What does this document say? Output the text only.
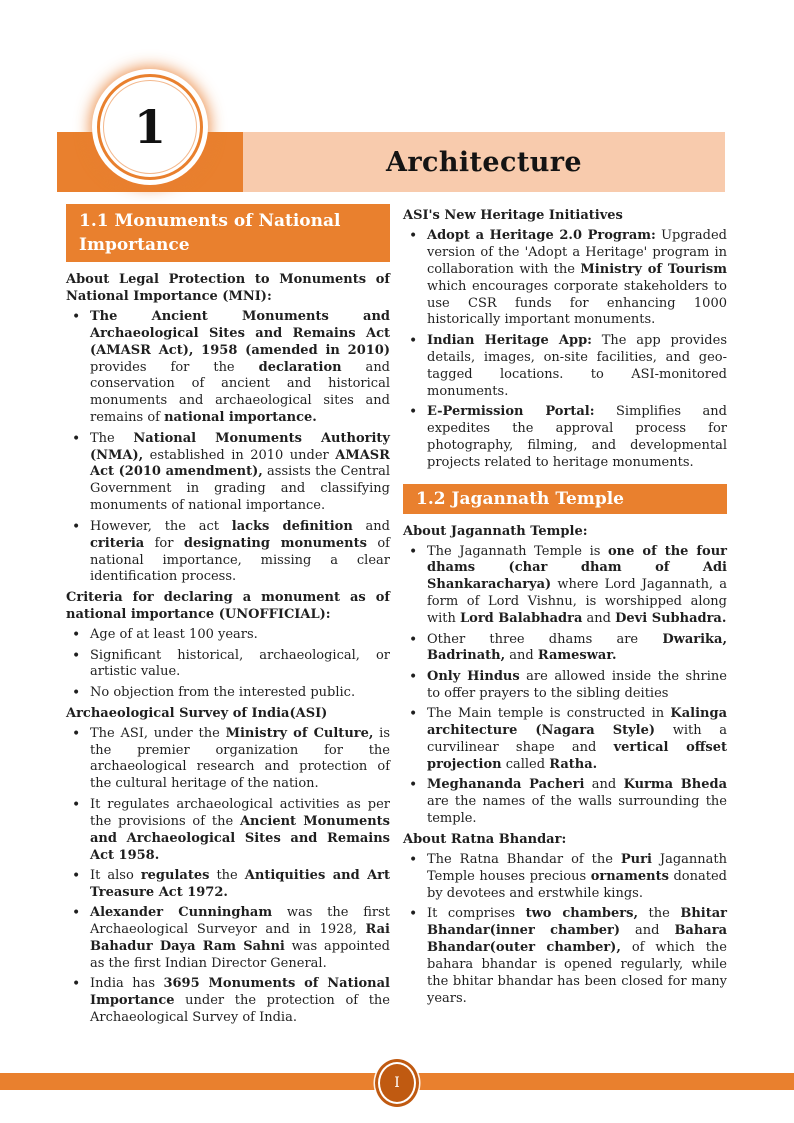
Architecture
1
1.1 Monuments of National Importance

About Legal Protection to Monuments of National Importance (MNI):

• The Ancient Monuments and Archaeological Sites and Remains Act (AMASR Act), 1958 (amended in 2010) provides for the declaration and conservation of ancient and historical monuments and archaeological sites and remains of national importance.
• The National Monuments Authority (NMA), established in 2010 under AMASR Act (2010 amendment), assists the Central Government in grading and classifying monuments of national importance.
• However, the act lacks definition and criteria for designating monuments of national importance, missing a clear identification process.

Criteria for declaring a monument as of national importance (UNOFFICIAL):

• Age of at least 100 years.
• Significant historical, archaeological, or artistic value.
• No objection from the interested public.

Archaeological Survey of India(ASI)

• The ASI, under the Ministry of Culture, is the premier organization for the archaeological research and protection of the cultural heritage of the nation.
• It regulates archaeological activities as per the provisions of the Ancient Monuments and Archaeological Sites and Remains Act 1958.
• It also regulates the Antiquities and Art Treasure Act 1972.
• Alexander Cunningham was the first Archaeological Surveyor and in 1928, Rai Bahadur Daya Ram Sahni was appointed as the first Indian Director General.
• India has 3695 Monuments of National Importance under the protection of the Archaeological Survey of India.

ASI's New Heritage Initiatives

• Adopt a Heritage 2.0 Program: Upgraded version of the 'Adopt a Heritage' program in collaboration with the Ministry of Tourism which encourages corporate stakeholders to use CSR funds for enhancing 1000 historically important monuments.
• Indian Heritage App: The app provides details, images, on-site facilities, and geo-tagged locations. to ASI-monitored monuments.
• E-Permission Portal: Simplifies and expedites the approval process for photography, filming, and developmental projects related to heritage monuments.
1.2 Jagannath Temple

About Jagannath Temple:

• The Jagannath Temple is one of the four dhams (char dham of Adi Shankaracharya) where Lord Jagannath, a form of Lord Vishnu, is worshipped along with Lord Balabhadra and Devi Subhadra.
• Other three dhams are Dwarika, Badrinath, and Rameswar.
• Only Hindus are allowed inside the shrine to offer prayers to the sibling deities
• The Main temple is constructed in Kalinga architecture (Nagara Style) with a curvilinear shape and vertical offset projection called Ratha.
• Meghananda Pacheri and Kurma Bheda are the names of the walls surrounding the temple.

About Ratna Bhandar:

• The Ratna Bhandar of the Puri Jagannath Temple houses precious ornaments donated by devotees and erstwhile kings.
• It comprises two chambers, the Bhitar Bhandar(inner chamber) and Bahara Bhandar(outer chamber), of which the bahara bhandar is opened regularly, while the bhitar bhandar has been closed for many years.
I
